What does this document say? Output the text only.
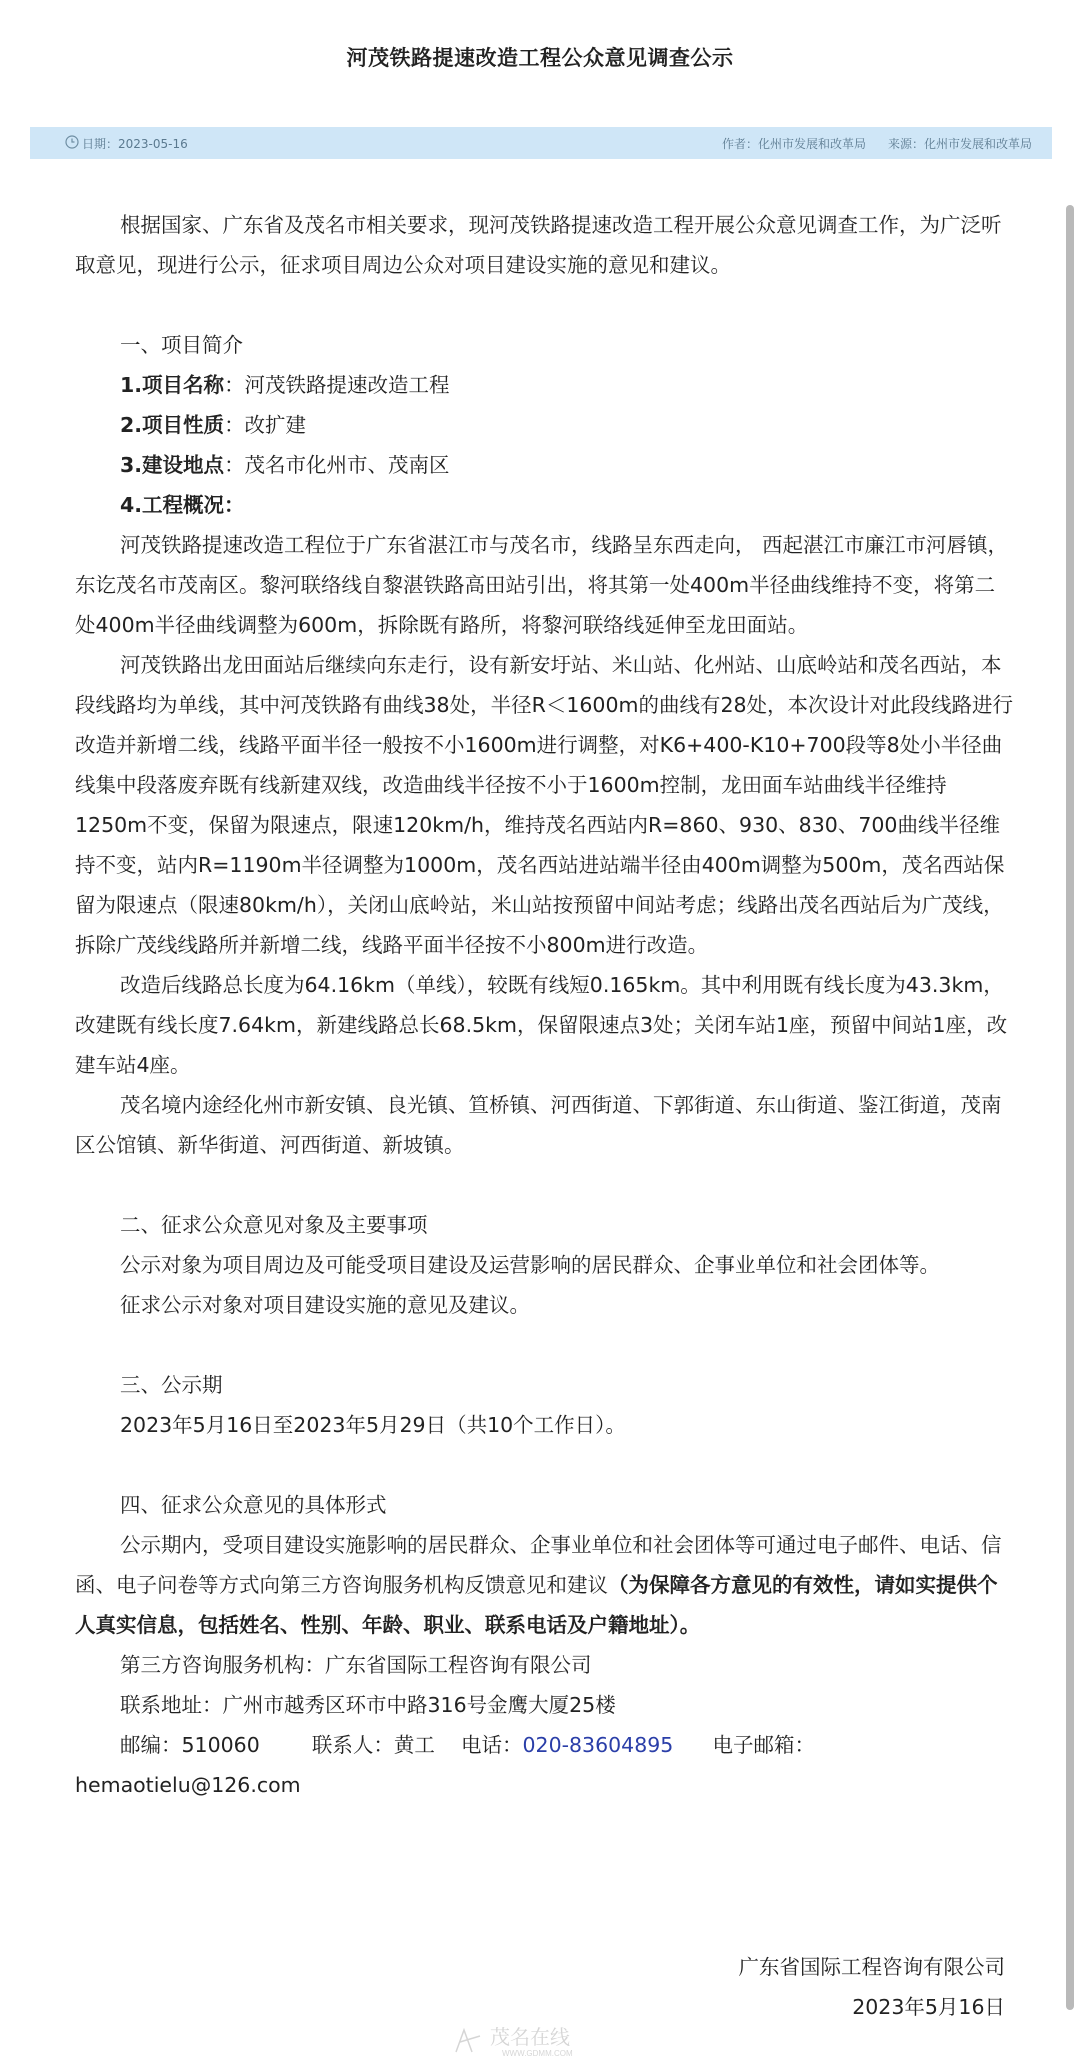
河茂铁路提速改造工程公众意见调查公示
日期：2023-05-16	作者：化州市发展和改革局 来源：化州市发展和改革局

根据国家、广东省及茂名市相关要求，现河茂铁路提速改造工程开展公众意见调查工作，为广泛听取意见，现进行公示，征求项目周边公众对项目建设实施的意见和建议。

一、项目简介

1.项目名称：河茂铁路提速改造工程

2.项目性质：改扩建

3.建设地点：茂名市化州市、茂南区

4.工程概况：

河茂铁路提速改造工程位于广东省湛江市与茂名市，线路呈东西走向， 西起湛江市廉江市河唇镇，东讫茂名市茂南区。黎河联络线自黎湛铁路高田站引出，将其第一处400m半径曲线维持不变，将第二处400m半径曲线调整为600m，拆除既有路所，将黎河联络线延伸至龙田面站。

河茂铁路出龙田面站后继续向东走行，设有新安圩站、米山站、化州站、山底岭站和茂名西站，本段线路均为单线，其中河茂铁路有曲线38处，半径R＜1600m的曲线有28处，本次设计对此段线路进行改造并新增二线，线路平面半径一般按不小1600m进行调整，对K6+400-K10+700段等8处小半径曲线集中段落废弃既有线新建双线，改造曲线半径按不小于1600m控制，龙田面车站曲线半径维持1250m不变，保留为限速点，限速120km/h，维持茂名西站内R=860、930、830、700曲线半径维持不变，站内R=1190m半径调整为1000m，茂名西站进站端半径由400m调整为500m，茂名西站保留为限速点（限速80km/h），关闭山底岭站，米山站按预留中间站考虑；线路出茂名西站后为广茂线，拆除广茂线线路所并新增二线，线路平面半径按不小800m进行改造。

改造后线路总长度为64.16km（单线），较既有线短0.165km。其中利用既有线长度为43.3km，改建既有线长度7.64km，新建线路总长68.5km，保留限速点3处；关闭车站1座，预留中间站1座，改建车站4座。

茂名境内途经化州市新安镇、良光镇、笪桥镇、河西街道、下郭街道、东山街道、鉴江街道，茂南区公馆镇、新华街道、河西街道、新坡镇。

二、征求公众意见对象及主要事项

公示对象为项目周边及可能受项目建设及运营影响的居民群众、企事业单位和社会团体等。

征求公示对象对项目建设实施的意见及建议。

三、公示期

2023年5月16日至2023年5月29日（共10个工作日）。

四、征求公众意见的具体形式

公示期内，受项目建设实施影响的居民群众、企事业单位和社会团体等可通过电子邮件、电话、信函、电子问卷等方式向第三方咨询服务机构反馈意见和建议（为保障各方意见的有效性，请如实提供个人真实信息，包括姓名、性别、年龄、职业、联系电话及户籍地址）。

第三方咨询服务机构：广东省国际工程咨询有限公司

联系地址：广州市越秀区环市中路316号金鹰大厦25楼

邮编：510060	联系人：黄工 电话：020-83604895 电子邮箱：

hemaotielu@126.com

广东省国际工程咨询有限公司
2023年5月16日
茂名在线
WWW.GDMM.COM
